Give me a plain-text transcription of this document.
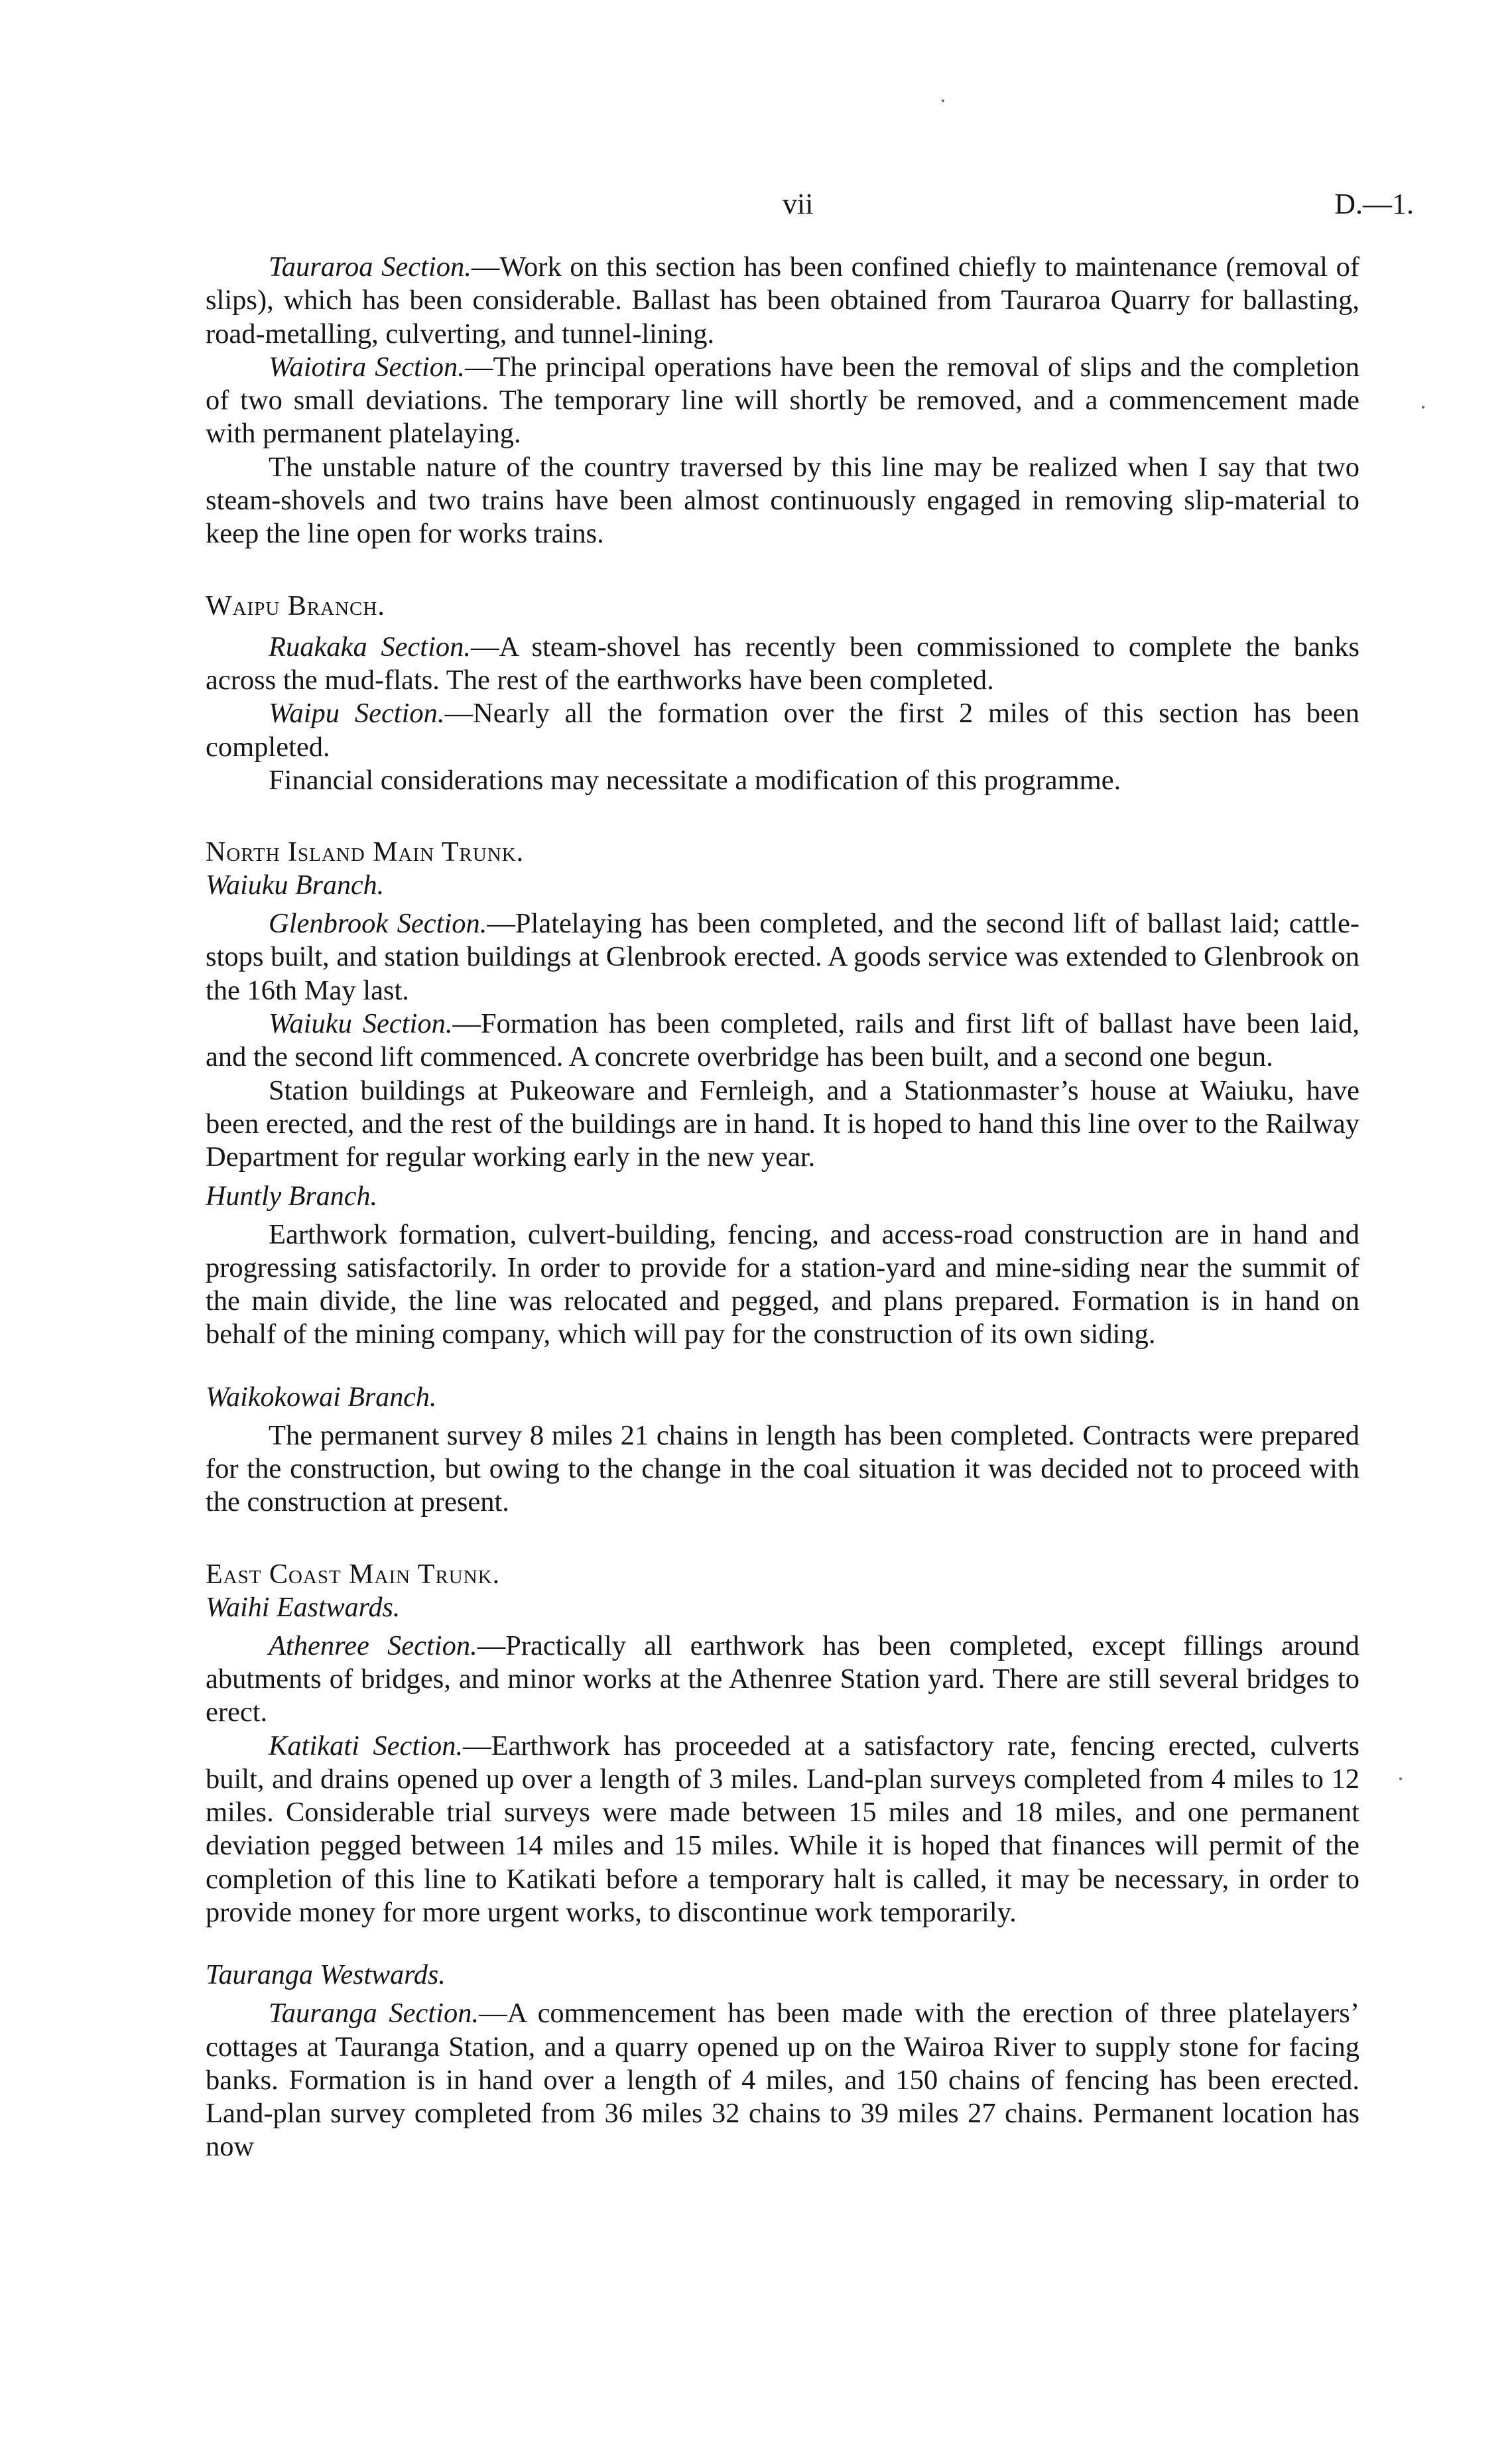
vii	D.—1.

Tauraroa Section.—Work on this section has been confined chiefly to maintenance (removal of slips), which has been considerable. Ballast has been obtained from Tauraroa Quarry for ballasting, road-metalling, culverting, and tunnel-lining.

Waiotira Section.—The principal operations have been the removal of slips and the completion of two small deviations. The temporary line will shortly be removed, and a commencement made with permanent platelaying.

The unstable nature of the country traversed by this line may be realized when I say that two steam-shovels and two trains have been almost continuously engaged in removing slip-material to keep the line open for works trains.

Waipu Branch.

Ruakaka Section.—A steam-shovel has recently been commissioned to complete the banks across the mud-flats. The rest of the earthworks have been completed.

Waipu Section.—Nearly all the formation over the first 2 miles of this section has been completed.

Financial considerations may necessitate a modification of this programme.

North Island Main Trunk.

Waiuku Branch.

Glenbrook Section.—Platelaying has been completed, and the second lift of ballast laid; cattle-stops built, and station buildings at Glenbrook erected. A goods service was extended to Glenbrook on the 16th May last.

Waiuku Section.—Formation has been completed, rails and first lift of ballast have been laid, and the second lift commenced. A concrete overbridge has been built, and a second one begun.

Station buildings at Pukeoware and Fernleigh, and a Stationmaster’s house at Waiuku, have been erected, and the rest of the buildings are in hand. It is hoped to hand this line over to the Railway Department for regular working early in the new year.

Huntly Branch.

Earthwork formation, culvert-building, fencing, and access-road construction are in hand and progressing satisfactorily. In order to provide for a station-yard and mine-siding near the summit of the main divide, the line was relocated and pegged, and plans prepared. Formation is in hand on behalf of the mining company, which will pay for the construction of its own siding.

Waikokowai Branch.

The permanent survey 8 miles 21 chains in length has been completed. Contracts were prepared for the construction, but owing to the change in the coal situation it was decided not to proceed with the construction at present.

East Coast Main Trunk.

Waihi Eastwards.

Athenree Section.—Practically all earthwork has been completed, except fillings around abutments of bridges, and minor works at the Athenree Station yard. There are still several bridges to erect.

Katikati Section.—Earthwork has proceeded at a satisfactory rate, fencing erected, culverts built, and drains opened up over a length of 3 miles. Land-plan surveys completed from 4 miles to 12 miles. Considerable trial surveys were made between 15 miles and 18 miles, and one permanent deviation pegged between 14 miles and 15 miles. While it is hoped that finances will permit of the completion of this line to Katikati before a temporary halt is called, it may be necessary, in order to provide money for more urgent works, to discontinue work temporarily.

Tauranga Westwards.

Tauranga Section.—A commencement has been made with the erection of three platelayers’ cottages at Tauranga Station, and a quarry opened up on the Wairoa River to supply stone for facing banks. Formation is in hand over a length of 4 miles, and 150 chains of fencing has been erected. Land-plan survey completed from 36 miles 32 chains to 39 miles 27 chains. Permanent location has now
